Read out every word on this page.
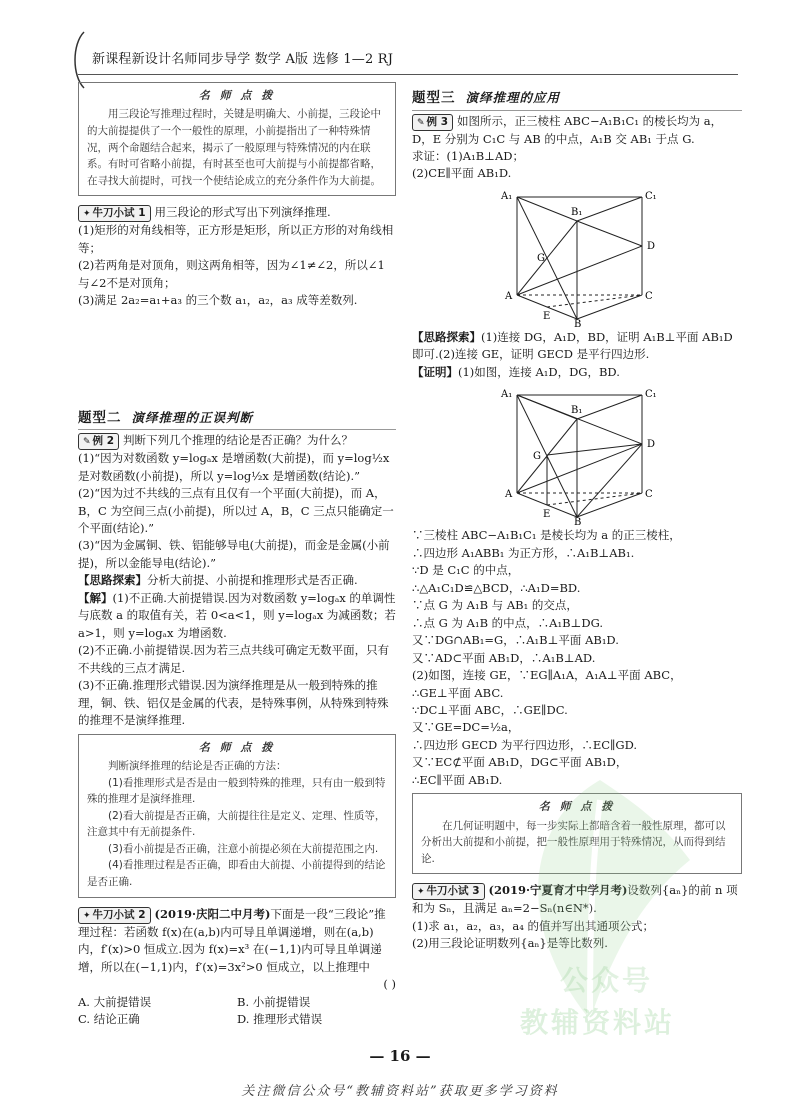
新课程新设计名师同步导学 数学 A版 选修 1—2 RJ
名 师 点 拨

用三段论写推理过程时，关键是明确大、小前提，三段论中的大前提提供了一个一般性的原理，小前提指出了一种特殊情况，两个命题结合起来，揭示了一般原理与特殊情况的内在联系。有时可省略小前提，有时甚至也可大前提与小前提都省略，在寻找大前提时，可找一个使结论成立的充分条件作为大前提。

✦ 牛刀小试 1 用三段论的形式写出下列演绎推理.

(1)矩形的对角线相等，正方形是矩形，所以正方形的对角线相等；

(2)若两角是对顶角，则这两角相等，因为∠1≠∠2，所以∠1与∠2不是对顶角；

(3)满足 2a₂=a₁+a₃ 的三个数 a₁，a₂，a₃ 成等差数列.

题型二 演绎推理的正误判断

✎ 例 2 判断下列几个推理的结论是否正确？为什么？

(1)“因为对数函数 y=logₐx 是增函数(大前提)，而 y=log½x 是对数函数(小前提)，所以 y=log½x 是增函数(结论).”

(2)“因为过不共线的三点有且仅有一个平面(大前提)，而 A，B，C 为空间三点(小前提)，所以过 A，B，C 三点只能确定一个平面(结论).”

(3)“因为金属铜、铁、铝能够导电(大前提)，而金是金属(小前提)，所以金能导电(结论).”

【思路探索】分析大前提、小前提和推理形式是否正确.

【解】(1)不正确.大前提错误.因为对数函数 y=logₐx 的单调性与底数 a 的取值有关，若 0<a<1，则 y=logₐx 为减函数；若 a>1，则 y=logₐx 为增函数.

(2)不正确.小前提错误.因为若三点共线可确定无数平面，只有不共线的三点才满足.

(3)不正确.推理形式错误.因为演绎推理是从一般到特殊的推理，铜、铁、铝仅是金属的代表，是特殊事例，从特殊到特殊的推理不是演绎推理.

名 师 点 拨

判断演绎推理的结论是否正确的方法：

(1)看推理形式是否是由一般到特殊的推理，只有由一般到特殊的推理才是演绎推理.

(2)看大前提是否正确，大前提往往是定义、定理、性质等，注意其中有无前提条件.

(3)看小前提是否正确，注意小前提必须在大前提范围之内.

(4)看推理过程是否正确，即看由大前提、小前提得到的结论是否正确.

✦ 牛刀小试 2 (2019·庆阳二中月考)下面是一段“三段论”推理过程：若函数 f(x)在(a,b)内可导且单调递增，则在(a,b)内，f′(x)>0 恒成立.因为 f(x)=x³ 在(−1,1)内可导且单调递增，所以在(−1,1)内，f′(x)=3x²>0 恒成立，以上推理中

( )

A. 大前提错误	B. 小前提错误
C. 结论正确	D. 推理形式错误
题型三 演绎推理的应用

✎ 例 3 如图所示，正三棱柱 ABC−A₁B₁C₁ 的棱长均为 a，D，E 分别为 C₁C 与 AB 的中点，A₁B 交 AB₁ 于点 G.

求证：(1)A₁B⊥AD；

(2)CE∥平面 AB₁D.

A₁
B₁
C₁
G
D
A
E
C
B

【思路探索】(1)连接 DG，A₁D，BD，证明 A₁B⊥平面 AB₁D 即可.(2)连接 GE，证明 GECD 是平行四边形.

【证明】(1)如图，连接 A₁D，DG，BD.

A₁
B₁
C₁
G
D
A
E
C
B

∵三棱柱 ABC−A₁B₁C₁ 是棱长均为 a 的正三棱柱，

∴四边形 A₁ABB₁ 为正方形，∴A₁B⊥AB₁.

∵D 是 C₁C 的中点，

∴△A₁C₁D≌△BCD，∴A₁D=BD.

∵点 G 为 A₁B 与 AB₁ 的交点，

∴点 G 为 A₁B 的中点，∴A₁B⊥DG.

又∵DG∩AB₁=G，∴A₁B⊥平面 AB₁D.

又∵AD⊂平面 AB₁D，∴A₁B⊥AD.

(2)如图，连接 GE，∵EG∥A₁A，A₁A⊥平面 ABC，

∴GE⊥平面 ABC.

∵DC⊥平面 ABC，∴GE∥DC.

又∵GE=DC=½a，

∴四边形 GECD 为平行四边形，∴EC∥GD.

又∵EC⊄平面 AB₁D，DG⊂平面 AB₁D，

∴EC∥平面 AB₁D.

名 师 点 拨

在几何证明题中，每一步实际上都暗含着一般性原理，都可以分析出大前提和小前提，把一般性原理用于特殊情况，从而得到结论.

✦ 牛刀小试 3 (2019·宁夏育才中学月考)设数列{aₙ}的前 n 项和为 Sₙ，且满足 aₙ=2−Sₙ(n∈N*).

(1)求 a₁，a₂，a₃，a₄ 的值并写出其通项公式；

(2)用三段论证明数列{aₙ}是等比数列.

公众号
教辅资料站
— 16 —
关注微信公众号“教辅资料站”获取更多学习资料
